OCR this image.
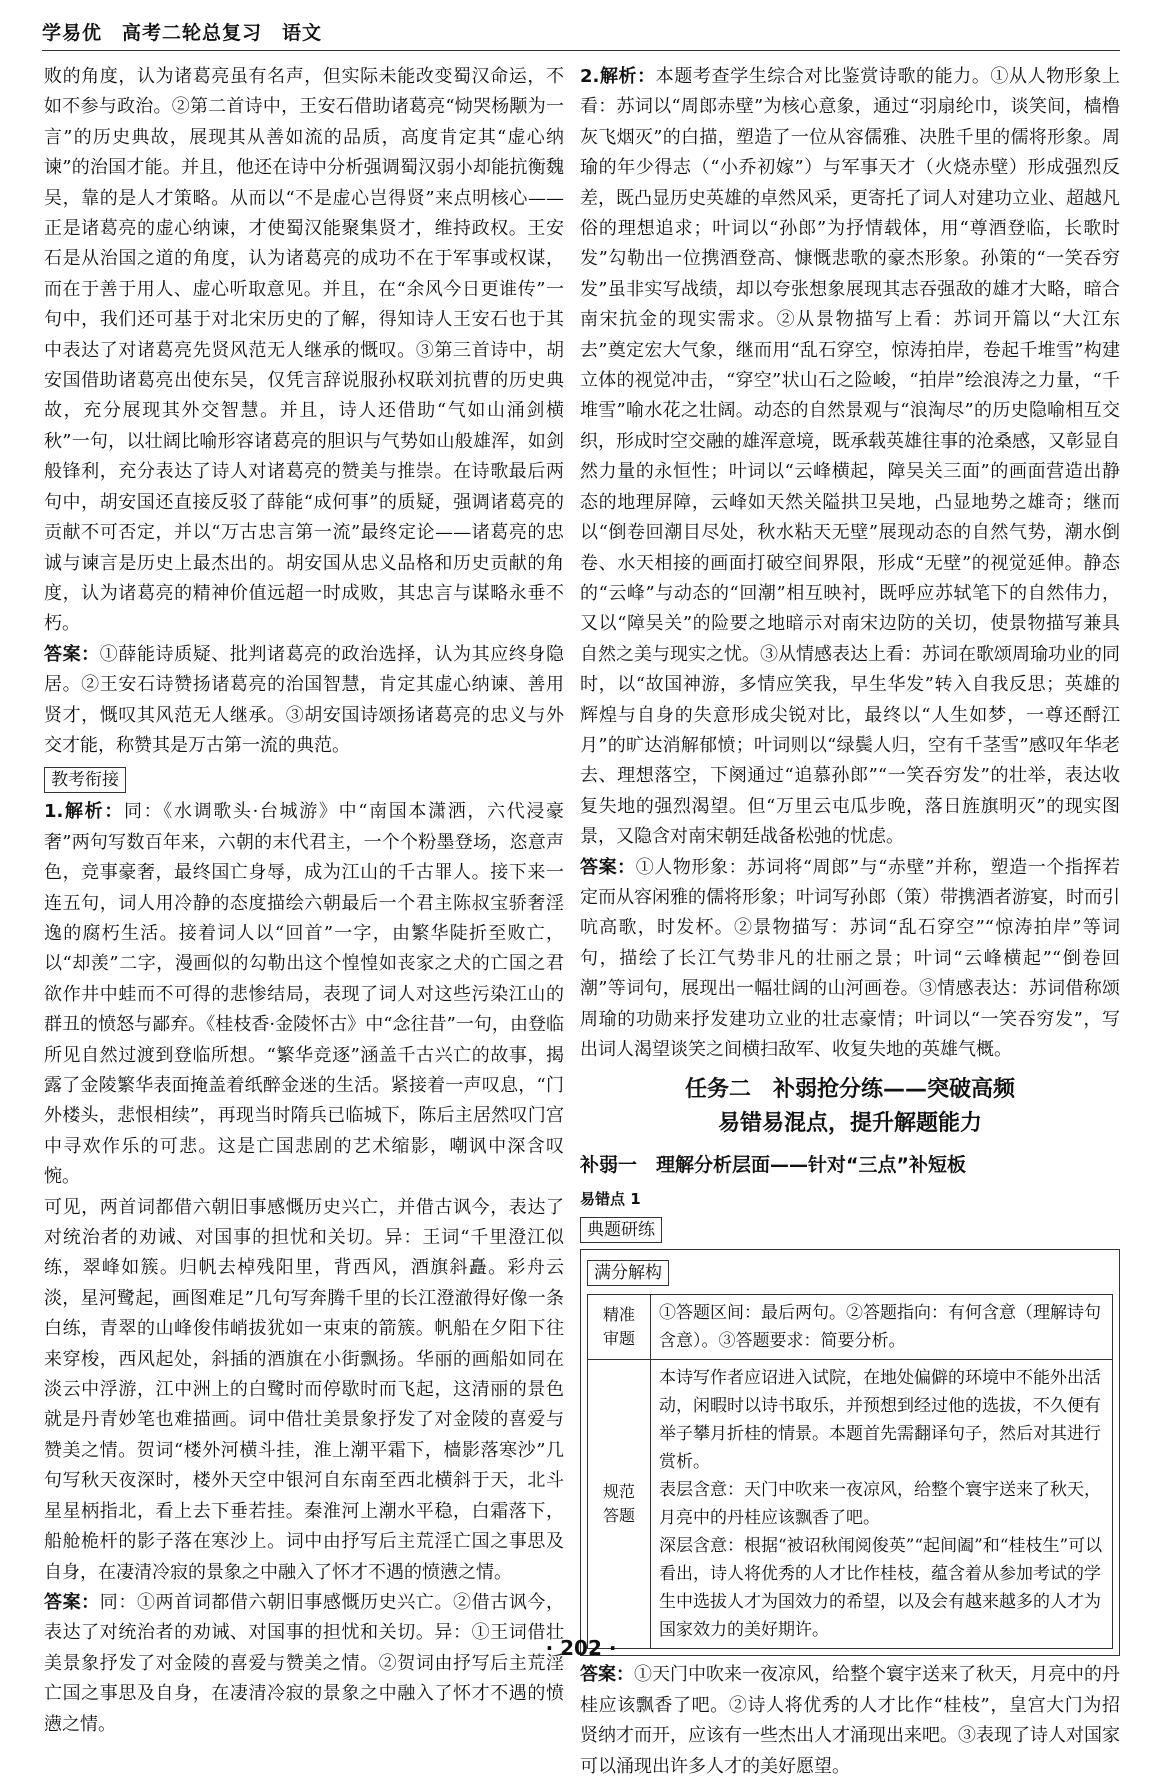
学易优　高考二轮总复习　语文

败的角度，认为诸葛亮虽有名声，但实际未能改变蜀汉命运，不如不参与政治。②第二首诗中，王安石借助诸葛亮“恸哭杨颙为一言”的历史典故，展现其从善如流的品质，高度肯定其“虚心纳谏”的治国才能。并且，他还在诗中分析强调蜀汉弱小却能抗衡魏吴，靠的是人才策略。从而以“不是虚心岂得贤”来点明核心——正是诸葛亮的虚心纳谏，才使蜀汉能聚集贤才，维持政权。王安石是从治国之道的角度，认为诸葛亮的成功不在于军事或权谋，而在于善于用人、虚心听取意见。并且，在“余风今日更谁传”一句中，我们还可基于对北宋历史的了解，得知诗人王安石也于其中表达了对诸葛亮先贤风范无人继承的慨叹。③第三首诗中，胡安国借助诸葛亮出使东吴，仅凭言辞说服孙权联刘抗曹的历史典故，充分展现其外交智慧。并且，诗人还借助“气如山涌剑横秋”一句，以壮阔比喻形容诸葛亮的胆识与气势如山般雄浑，如剑般锋利，充分表达了诗人对诸葛亮的赞美与推崇。在诗歌最后两句中，胡安国还直接反驳了薛能“成何事”的质疑，强调诸葛亮的贡献不可否定，并以“万古忠言第一流”最终定论——诸葛亮的忠诚与谏言是历史上最杰出的。胡安国从忠义品格和历史贡献的角度，认为诸葛亮的精神价值远超一时成败，其忠言与谋略永垂不朽。

答案：①薛能诗质疑、批判诸葛亮的政治选择，认为其应终身隐居。②王安石诗赞扬诸葛亮的治国智慧，肯定其虚心纳谏、善用贤才，慨叹其风范无人继承。③胡安国诗颂扬诸葛亮的忠义与外交才能，称赞其是万古第一流的典范。

教考衔接

1.解析：同：《水调歌头·台城游》中“南国本潇洒，六代浸豪奢”两句写数百年来，六朝的末代君主，一个个粉墨登场，恣意声色，竞事豪奢，最终国亡身辱，成为江山的千古罪人。接下来一连五句，词人用冷静的态度描绘六朝最后一个君主陈叔宝骄奢淫逸的腐朽生活。接着词人以“回首”一字，由繁华陡折至败亡，以“却羡”二字，漫画似的勾勒出这个惶惶如丧家之犬的亡国之君欲作井中蛙而不可得的悲惨结局，表现了词人对这些污染江山的群丑的愤怒与鄙弃。《桂枝香·金陵怀古》中“念往昔”一句，由登临所见自然过渡到登临所想。“繁华竞逐”涵盖千古兴亡的故事，揭露了金陵繁华表面掩盖着纸醉金迷的生活。紧接着一声叹息，“门外楼头，悲恨相续”，再现当时隋兵已临城下，陈后主居然叹门宫中寻欢作乐的可悲。这是亡国悲剧的艺术缩影，嘲讽中深含叹惋。

可见，两首词都借六朝旧事感慨历史兴亡，并借古讽今，表达了对统治者的劝诫、对国事的担忧和关切。异：王词“千里澄江似练，翠峰如簇。归帆去棹残阳里，背西风，酒旗斜矗。彩舟云淡，星河鹭起，画图难足”几句写奔腾千里的长江澄澈得好像一条白练，青翠的山峰俊伟峭拔犹如一束束的箭簇。帆船在夕阳下往来穿梭，西风起处，斜插的酒旗在小街飘扬。华丽的画船如同在淡云中浮游，江中洲上的白鹭时而停歇时而飞起，这清丽的景色就是丹青妙笔也难描画。词中借壮美景象抒发了对金陵的喜爱与赞美之情。贺词“楼外河横斗挂，淮上潮平霜下，樯影落寒沙”几句写秋天夜深时，楼外天空中银河自东南至西北横斜于天，北斗星星柄指北，看上去下垂若挂。秦淮河上潮水平稳，白霜落下，船舱桅杆的影子落在寒沙上。词中由抒写后主荒淫亡国之事思及自身，在凄清冷寂的景象之中融入了怀才不遇的愤懑之情。

答案：同：①两首词都借六朝旧事感慨历史兴亡。②借古讽今，表达了对统治者的劝诫、对国事的担忧和关切。异：①王词借壮美景象抒发了对金陵的喜爱与赞美之情。②贺词由抒写后主荒淫亡国之事思及自身，在凄清冷寂的景象之中融入了怀才不遇的愤懑之情。

2.解析：本题考查学生综合对比鉴赏诗歌的能力。①从人物形象上看：苏词以“周郎赤壁”为核心意象，通过“羽扇纶巾，谈笑间，樯橹灰飞烟灭”的白描，塑造了一位从容儒雅、决胜千里的儒将形象。周瑜的年少得志（“小乔初嫁”）与军事天才（火烧赤壁）形成强烈反差，既凸显历史英雄的卓然风采，更寄托了词人对建功立业、超越凡俗的理想追求；叶词以“孙郎”为抒情载体，用“尊酒登临，长歌时发”勾勒出一位携酒登高、慷慨悲歌的豪杰形象。孙策的“一笑吞穷发”虽非实写战绩，却以夸张想象展现其志吞强敌的雄才大略，暗合南宋抗金的现实需求。②从景物描写上看：苏词开篇以“大江东去”奠定宏大气象，继而用“乱石穿空，惊涛拍岸，卷起千堆雪”构建立体的视觉冲击，“穿空”状山石之险峻，“拍岸”绘浪涛之力量，“千堆雪”喻水花之壮阔。动态的自然景观与“浪淘尽”的历史隐喻相互交织，形成时空交融的雄浑意境，既承载英雄往事的沧桑感，又彰显自然力量的永恒性；叶词以“云峰横起，障吴关三面”的画面营造出静态的地理屏障，云峰如天然关隘拱卫吴地，凸显地势之雄奇；继而以“倒卷回潮目尽处，秋水粘天无壁”展现动态的自然气势，潮水倒卷、水天相接的画面打破空间界限，形成“无壁”的视觉延伸。静态的“云峰”与动态的“回潮”相互映衬，既呼应苏轼笔下的自然伟力，又以“障吴关”的险要之地暗示对南宋边防的关切，使景物描写兼具自然之美与现实之忧。③从情感表达上看：苏词在歌颂周瑜功业的同时，以“故国神游，多情应笑我，早生华发”转入自我反思；英雄的辉煌与自身的失意形成尖锐对比，最终以“人生如梦，一尊还酹江月”的旷达消解郁愤；叶词则以“绿鬓人归，空有千茎雪”感叹年华老去、理想落空，下阕通过“追慕孙郎”“一笑吞穷发”的壮举，表达收复失地的强烈渴望。但“万里云屯瓜步晚，落日旌旗明灭”的现实图景，又隐含对南宋朝廷战备松弛的忧虑。

答案：①人物形象：苏词将“周郎”与“赤壁”并称，塑造一个指挥若定而从容闲雅的儒将形象；叶词写孙郎（策）带携酒者游宴，时而引吭高歌，时发杯。②景物描写：苏词“乱石穿空”“惊涛拍岸”等词句，描绘了长江气势非凡的壮丽之景；叶词“云峰横起”“倒卷回潮”等词句，展现出一幅壮阔的山河画卷。③情感表达：苏词借称颂周瑜的功勋来抒发建功立业的壮志豪情；叶词以“一笑吞穷发”，写出词人渴望谈笑之间横扫敌军、收复失地的英雄气概。

任务二　补弱抢分练——突破高频
易错易混点，提升解题能力
补弱一　理解分析层面——针对“三点”补短板
易错点 1
典题研练
满分解构
精准审题	①答题区间：最后两句。②答题指向：有何含意（理解诗句含意）。③答题要求：简要分析。
规范答题	本诗写作者应诏进入试院，在地处偏僻的环境中不能外出活动，闲暇时以诗书取乐，并预想到经过他的选拔，不久便有举子攀月折桂的情景。本题首先需翻译句子，然后对其进行赏析。
表层含意：天门中吹来一夜凉风，给整个寰宇送来了秋天，月亮中的丹桂应该飘香了吧。
深层含意：根据“被诏秋闱阅俊英”“起间阖”和“桂枝生”可以看出，诗人将优秀的人才比作桂枝，蕴含着从参加考试的学生中选拔人才为国效力的希望，以及会有越来越多的人才为国家效力的美好期许。

答案：①天门中吹来一夜凉风，给整个寰宇送来了秋天，月亮中的丹桂应该飘香了吧。②诗人将优秀的人才比作“桂枝”，皇宫大门为招贤纳才而开，应该有一些杰出人才涌现出来吧。③表现了诗人对国家可以涌现出许多人才的美好愿望。

· 202 ·
